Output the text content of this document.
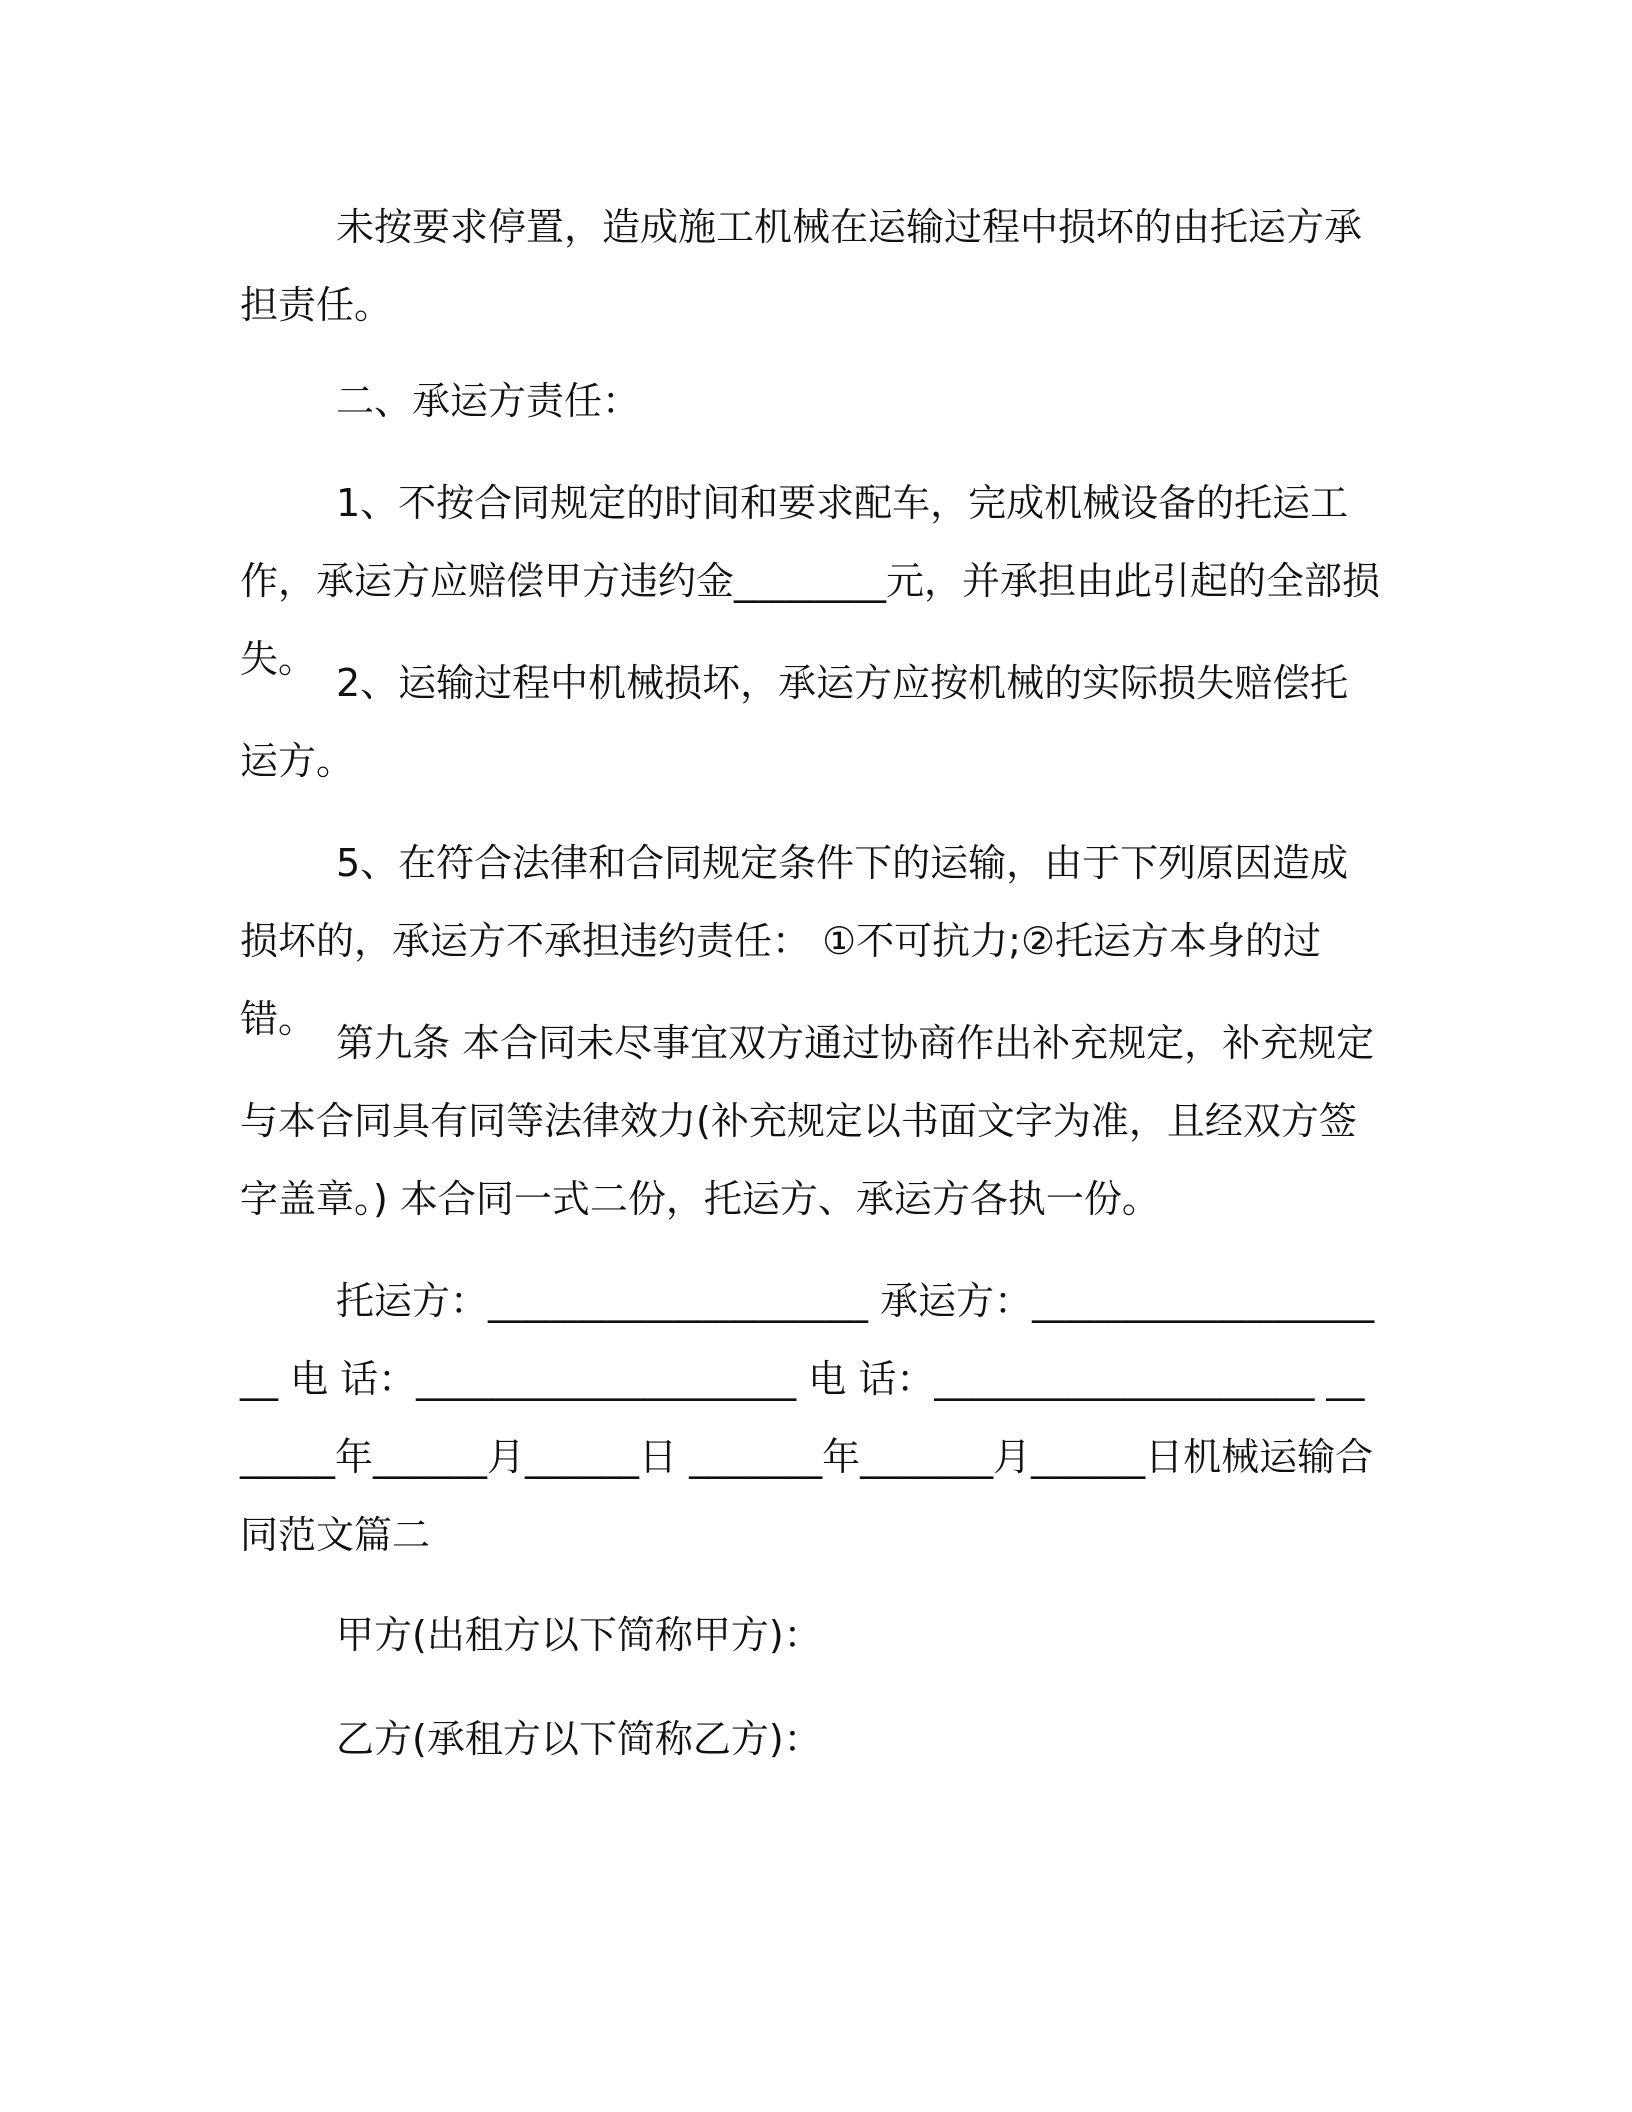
未按要求停置，造成施工机械在运输过程中损坏的由托运方承担责任。
二、承运方责任：
1、不按合同规定的时间和要求配车，完成机械设备的托运工作，承运方应赔偿甲方违约金________元，并承担由此引起的全部损失。
2、运输过程中机械损坏，承运方应按机械的实际损失赔偿托运方。
5、在符合法律和合同规定条件下的运输，由于下列原因造成损坏的，承运方不承担违约责任： ①不可抗力;②托运方本身的过错。
第九条 本合同未尽事宜双方通过协商作出补充规定，补充规定与本合同具有同等法律效力(补充规定以书面文字为准，且经双方签字盖章。) 本合同一式二份，托运方、承运方各执一份。
托运方：____________________ 承运方：____________________ 电 话：____________________ 电 话：____________________ _______年______月______日 _______年_______月______日机械运输合同范文篇二
甲方(出租方以下简称甲方)：
乙方(承租方以下简称乙方)：
